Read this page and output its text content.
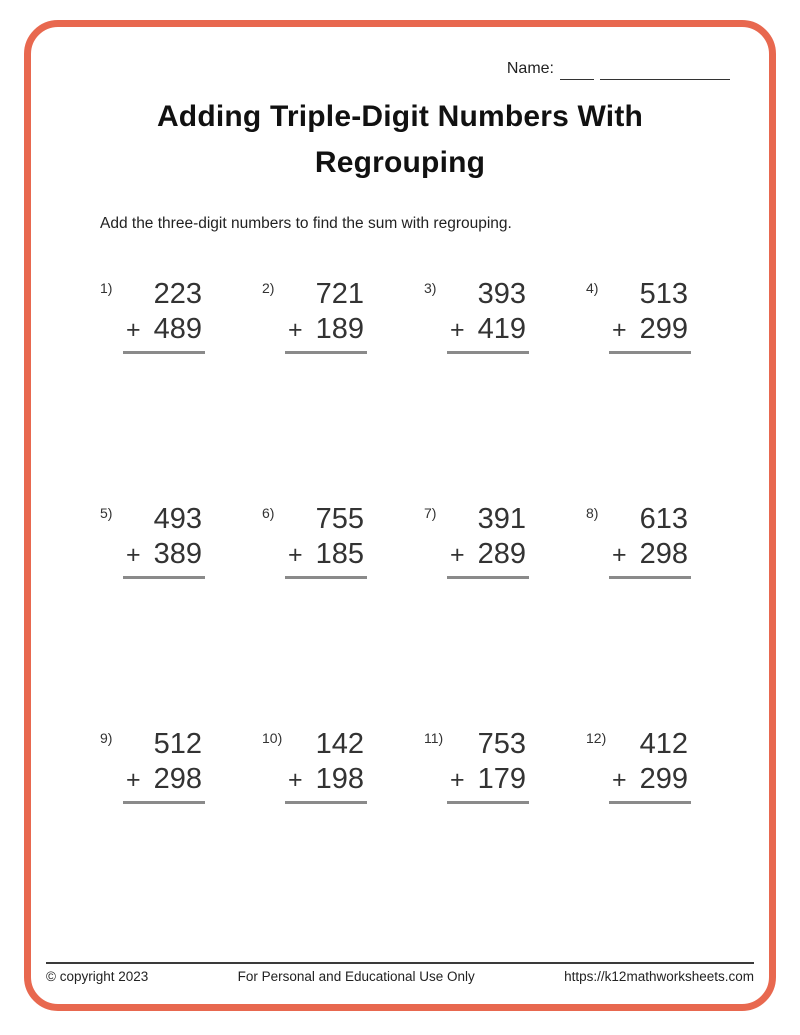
Name:
Adding Triple-Digit Numbers With Regrouping

Add the three-digit numbers to find the sum with regrouping.

1)	223
+ 489
2)	721
+ 189
3)	393
+ 419
4)	513
+ 299
5)	493
+ 389
6)	755
+ 185
7)	391
+ 289
8)	613
+ 298
9)	512
+ 298
10)	142
+ 198
11)	753
+ 179
12)	412
+ 299
© copyright 2023	For Personal and Educational Use Only	https://k12mathworksheets.com
